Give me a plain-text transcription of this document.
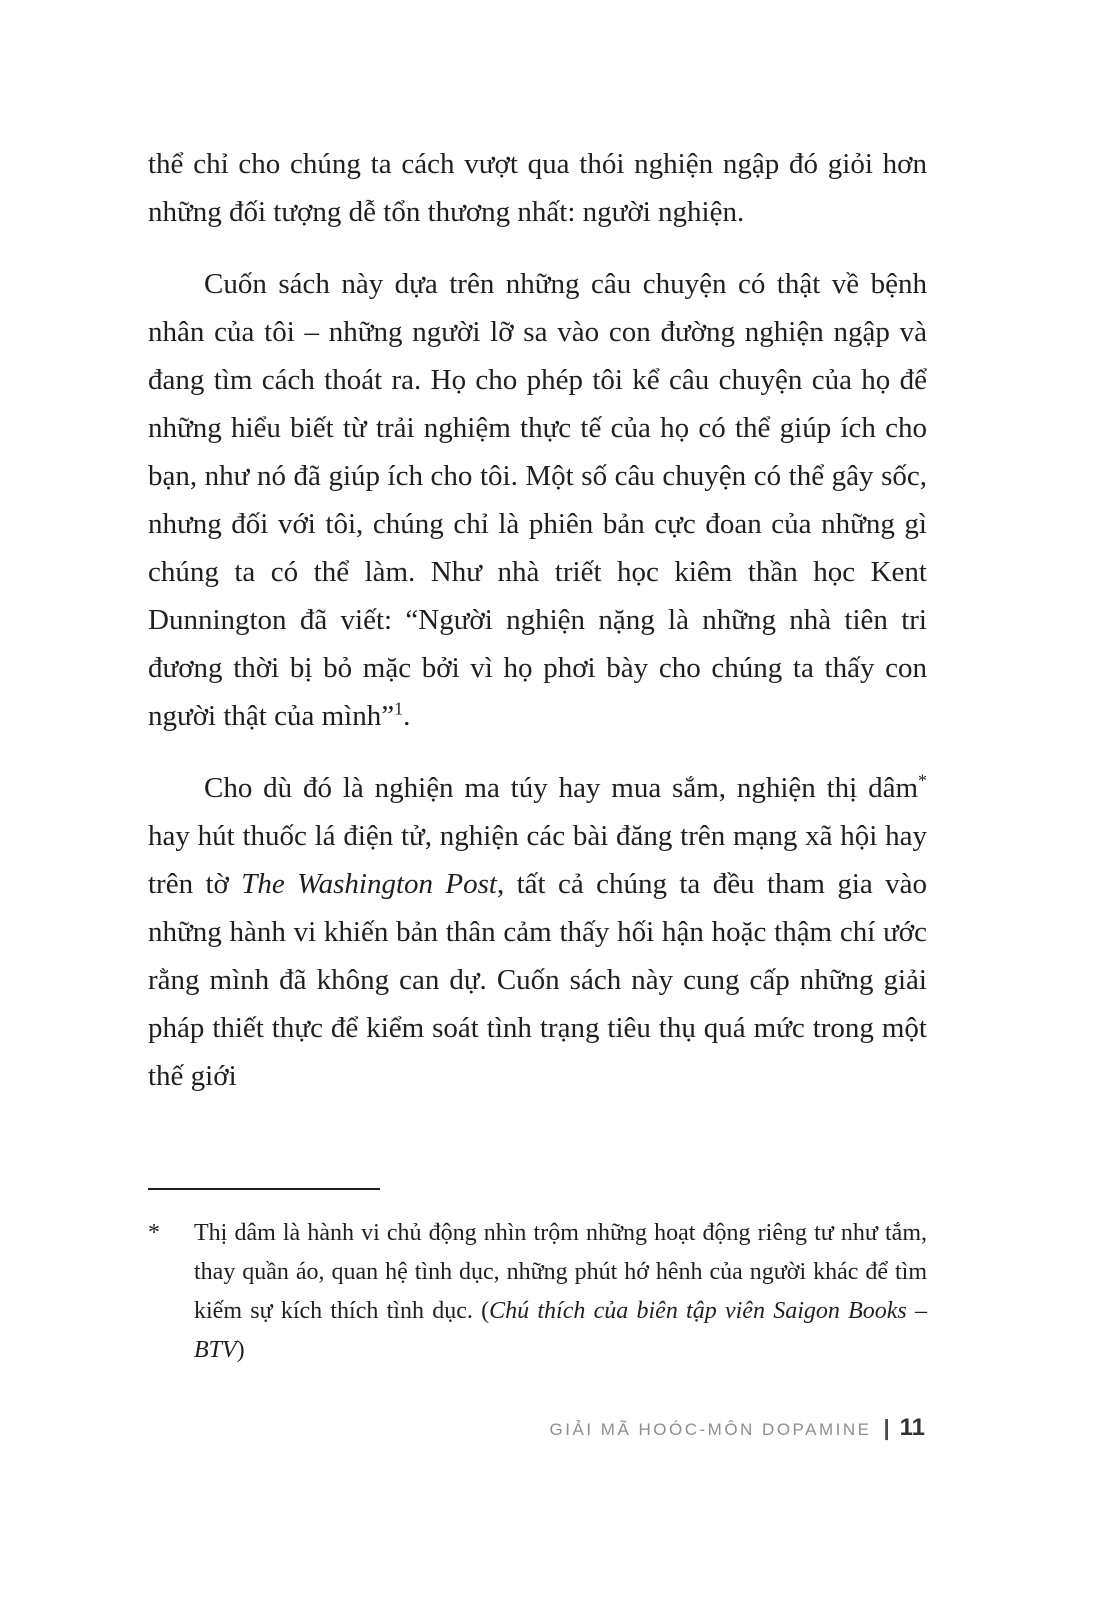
thể chỉ cho chúng ta cách vượt qua thói nghiện ngập đó giỏi hơn những đối tượng dễ tổn thương nhất: người nghiện.

Cuốn sách này dựa trên những câu chuyện có thật về bệnh nhân của tôi – những người lỡ sa vào con đường nghiện ngập và đang tìm cách thoát ra. Họ cho phép tôi kể câu chuyện của họ để những hiểu biết từ trải nghiệm thực tế của họ có thể giúp ích cho bạn, như nó đã giúp ích cho tôi. Một số câu chuyện có thể gây sốc, nhưng đối với tôi, chúng chỉ là phiên bản cực đoan của những gì chúng ta có thể làm. Như nhà triết học kiêm thần học Kent Dunnington đã viết: “Người nghiện nặng là những nhà tiên tri đương thời bị bỏ mặc bởi vì họ phơi bày cho chúng ta thấy con người thật của mình”$^1$.

Cho dù đó là nghiện ma túy hay mua sắm, nghiện thị dâm* hay hút thuốc lá điện tử, nghiện các bài đăng trên mạng xã hội hay trên tờ The Washington Post, tất cả chúng ta đều tham gia vào những hành vi khiến bản thân cảm thấy hối hận hoặc thậm chí ước rằng mình đã không can dự. Cuốn sách này cung cấp những giải pháp thiết thực để kiểm soát tình trạng tiêu thụ quá mức trong một thế giới

*	Thị dâm là hành vi chủ động nhìn trộm những hoạt động riêng tư như tắm, thay quần áo, quan hệ tình dục, những phút hớ hênh của người khác để tìm kiếm sự kích thích tình dục. (Chú thích của biên tập viên Saigon Books – BTV)
GIẢI MÃ HOÓC-MÔN DOPAMINE | 11
